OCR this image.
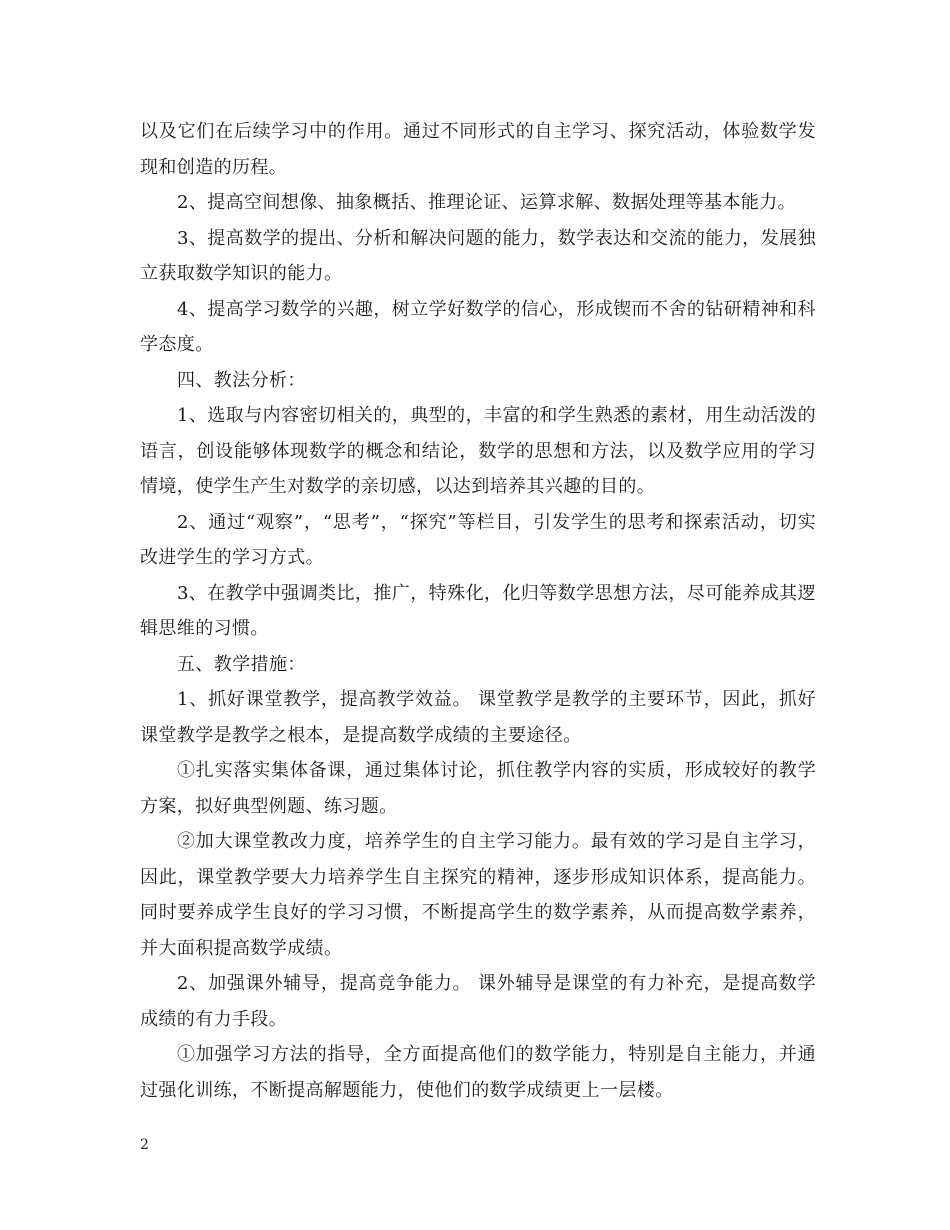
以及它们在后续学习中的作用。通过不同形式的自主学习、探究活动，体验数学发现和创造的历程。

2、提高空间想像、抽象概括、推理论证、运算求解、数据处理等基本能力。

3、提高数学的提出、分析和解决问题的能力，数学表达和交流的能力，发展独立获取数学知识的能力。

4、提高学习数学的兴趣，树立学好数学的信心，形成锲而不舍的钻研精神和科学态度。

四、教法分析：

1、选取与内容密切相关的，典型的，丰富的和学生熟悉的素材，用生动活泼的语言，创设能够体现数学的概念和结论，数学的思想和方法，以及数学应用的学习情境，使学生产生对数学的亲切感，以达到培养其兴趣的目的。

2、通过“观察”，“思考”，“探究”等栏目，引发学生的思考和探索活动，切实改进学生的学习方式。

3、在教学中强调类比，推广，特殊化，化归等数学思想方法，尽可能养成其逻辑思维的习惯。

五、教学措施：

1、抓好课堂教学，提高教学效益。 课堂教学是教学的主要环节，因此，抓好课堂教学是教学之根本，是提高数学成绩的主要途径。

①扎实落实集体备课，通过集体讨论，抓住教学内容的实质，形成较好的教学方案，拟好典型例题、练习题。

②加大课堂教改力度，培养学生的自主学习能力。最有效的学习是自主学习，因此，课堂教学要大力培养学生自主探究的精神，逐步形成知识体系，提高能力。同时要养成学生良好的学习习惯，不断提高学生的数学素养，从而提高数学素养，并大面积提高数学成绩。

2、加强课外辅导，提高竞争能力。 课外辅导是课堂的有力补充，是提高数学成绩的有力手段。

①加强学习方法的指导，全方面提高他们的数学能力，特别是自主能力，并通过强化训练，不断提高解题能力，使他们的数学成绩更上一层楼。

2
